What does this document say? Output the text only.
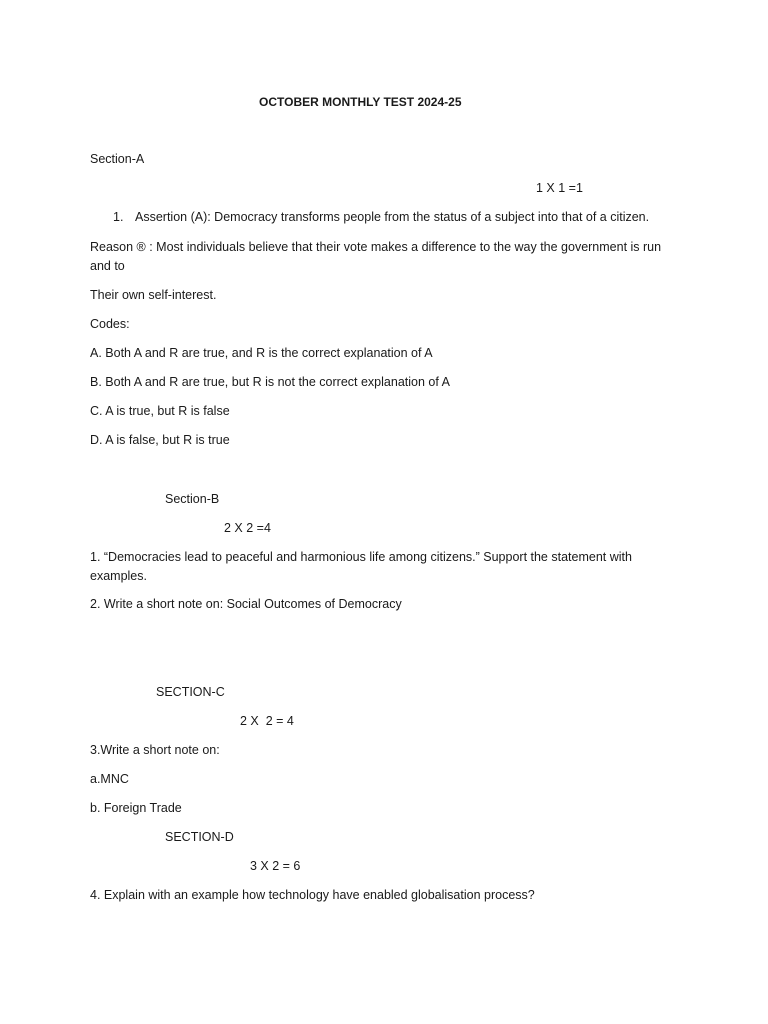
OCTOBER MONTHLY TEST 2024-25
Section-A
1 X 1 =1
1. Assertion (A): Democracy transforms people from the status of a subject into that of a citizen.
Reason ® : Most individuals believe that their vote makes a difference to the way the government is run and to
Their own self-interest.
Codes:
A. Both A and R are true, and R is the correct explanation of A
B. Both A and R are true, but R is not the correct explanation of A
C. A is true, but R is false
D. A is false, but R is true
Section-B
2 X 2 =4
1. “Democracies lead to peaceful and harmonious life among citizens.” Support the statement with examples.
2. Write a short note on: Social Outcomes of Democracy
SECTION-C
2 X  2 = 4
3.Write a short note on:
a.MNC
b. Foreign Trade
SECTION-D
3 X 2 = 6
4. Explain with an example how technology have enabled globalisation process?
